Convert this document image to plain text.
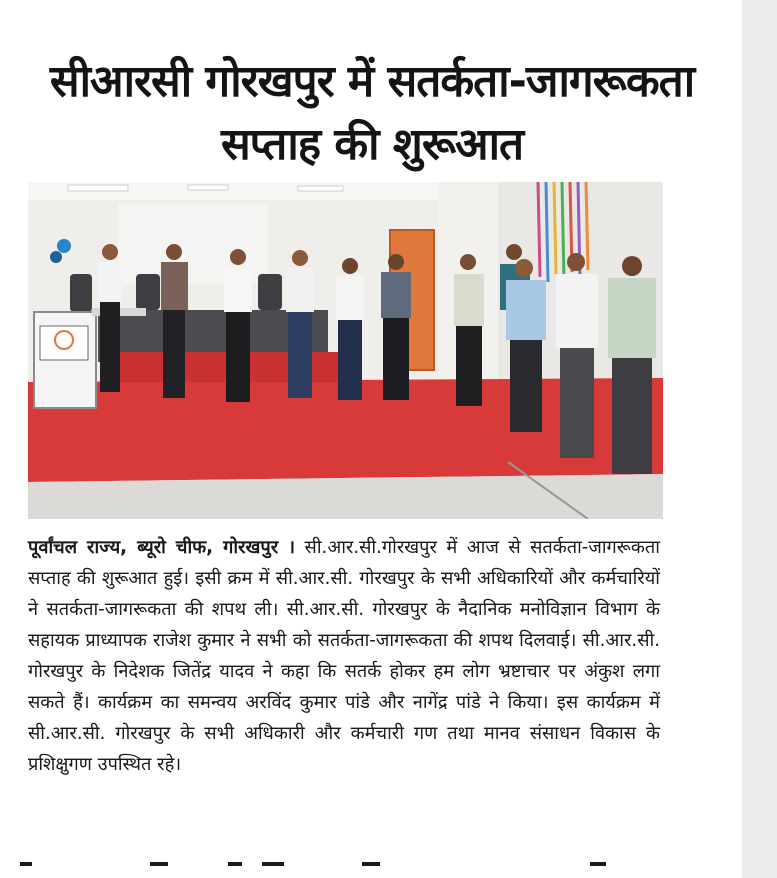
सीआरसी गोरखपुर में सतर्कता-जागरूकता सप्ताह की शुरूआत

पूर्वांचल राज्य, ब्यूरो चीफ, गोरखपुर । सी.आर.सी.गोरखपुर में आज से सतर्कता-जागरूकता सप्ताह की शुरूआत हुई। इसी क्रम में सी.आर.सी. गोरखपुर के सभी अधिकारियों और कर्मचारियों ने सतर्कता-जागरूकता की शपथ ली। सी.आर.सी. गोरखपुर के नैदानिक मनोविज्ञान विभाग के सहायक प्राध्यापक राजेश कुमार ने सभी को सतर्कता-जागरूकता की शपथ दिलवाई। सी.आर.सी. गोरखपुर के निदेशक जितेंद्र यादव ने कहा कि सतर्क होकर हम लोग भ्रष्टाचार पर अंकुश लगा सकते हैं। कार्यक्रम का समन्वय अरविंद कुमार पांडे और नागेंद्र पांडे ने किया। इस कार्यक्रम में सी.आर.सी. गोरखपुर के सभी अधिकारी और कर्मचारी गण तथा मानव संसाधन विकास के प्रशिक्षुगण उपस्थित रहे।
